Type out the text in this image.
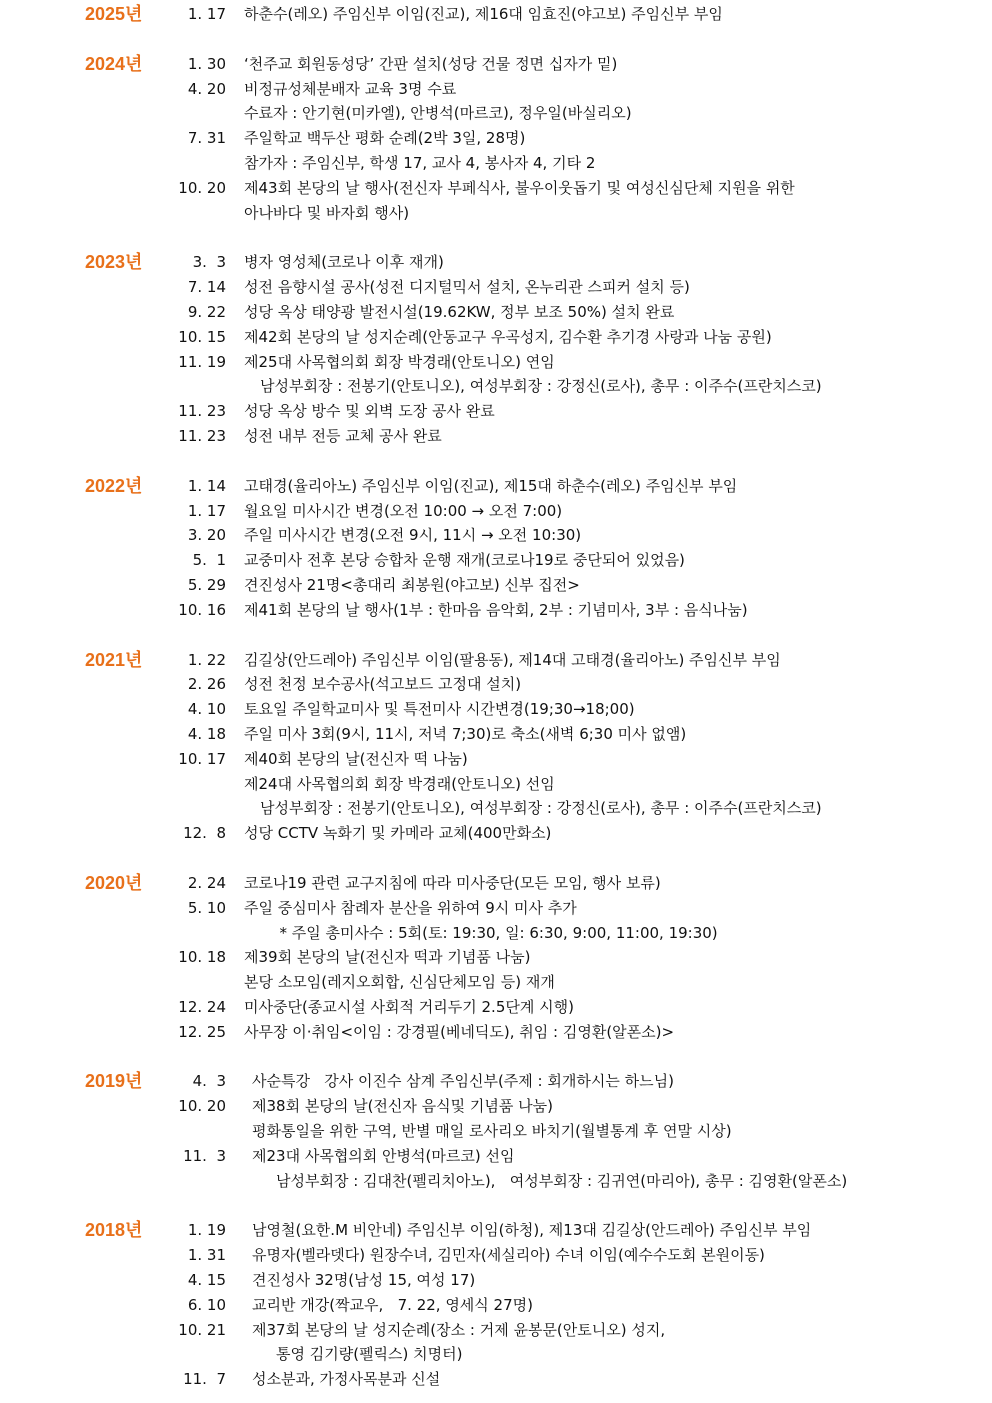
2025년	1. 17 하춘수(레오) 주임신부 이임(진교), 제16대 임효진(야고보) 주임신부 부임
2024년	1. 30 ‘천주교 회원동성당’ 간판 설치(성당 건물 정면 십자가 밑)
4. 20 비정규성체분배자 교육 3명 수료
수료자 : 안기현(미카엘), 안병석(마르코), 정우일(바실리오)
7. 31 주일학교 백두산 평화 순례(2박 3일, 28명)
참가자 : 주임신부, 학생 17, 교사 4, 봉사자 4, 기타 2
10. 20 제43회 본당의 날 행사(전신자 부페식사, 불우이웃돕기 및 여성신심단체 지원을 위한
아나바다 및 바자회 행사)
2023년	3.  3 병자 영성체(코로나 이후 재개)
7. 14 성전 음향시설 공사(성전 디지털믹서 설치, 온누리관 스피커 설치 등)
9. 22 성당 옥상 태양광 발전시설(19.62KW, 정부 보조 50%) 설치 완료
10. 15 제42회 본당의 날 성지순례(안동교구 우곡성지, 김수환 추기경 사랑과 나눔 공원)
11. 19 제25대 사목협의회 회장 박경래(안토니오) 연임
남성부회장 : 전봉기(안토니오), 여성부회장 : 강정신(로사), 총무 : 이주수(프란치스코)
11. 23 성당 옥상 방수 및 외벽 도장 공사 완료
11. 23 성전 내부 전등 교체 공사 완료
2022년	1. 14 고태경(율리아노) 주임신부 이임(진교), 제15대 하춘수(레오) 주임신부 부임
1. 17 월요일 미사시간 변경(오전 10:00 → 오전 7:00)
3. 20 주일 미사시간 변경(오전 9시, 11시 → 오전 10:30)
5.  1 교중미사 전후 본당 승합차 운행 재개(코로나19로 중단되어 있었음)
5. 29 견진성사 21명<총대리 최봉원(야고보) 신부 집전>
10. 16 제41회 본당의 날 행사(1부 : 한마음 음악회, 2부 : 기념미사, 3부 : 음식나눔)
2021년	1. 22 김길상(안드레아) 주임신부 이임(팔용동), 제14대 고태경(율리아노) 주임신부 부임
2. 26 성전 천정 보수공사(석고보드 고정대 설치)
4. 10 토요일 주일학교미사 및 특전미사 시간변경(19;30→18;00)
4. 18 주일 미사 3회(9시, 11시, 저녁 7;30)로 축소(새벽 6;30 미사 없앰)
10. 17 제40회 본당의 날(전신자 떡 나눔)
제24대 사목협의회 회장 박경래(안토니오) 선임
남성부회장 : 전봉기(안토니오), 여성부회장 : 강정신(로사), 총무 : 이주수(프란치스코)
12.  8 성당 CCTV 녹화기 및 카메라 교체(400만화소)
2020년	2. 24 코로나19 관련 교구지침에 따라 미사중단(모든 모임, 행사 보류)
5. 10 주일 중심미사 참례자 분산을 위하여 9시 미사 추가
* 주일 총미사수 : 5회(토: 19:30, 일: 6:30, 9:00, 11:00, 19:30)
10. 18 제39회 본당의 날(전신자 떡과 기념품 나눔)
본당 소모임(레지오회합, 신심단체모임 등) 재개
12. 24 미사중단(종교시설 사회적 거리두기 2.5단계 시행)
12. 25 사무장 이·취임<이임 : 강경필(베네딕도), 취임 : 김영환(알폰소)>
2019년	4.  3 사순특강   강사 이진수 삼계 주임신부(주제 : 회개하시는 하느님)
10. 20 제38회 본당의 날(전신자 음식및 기념품 나눔)
평화통일을 위한 구역, 반별 매일 로사리오 바치기(월별통계 후 연말 시상)
11.  3 제23대 사목협의회 안병석(마르코) 선임
남성부회장 : 김대찬(펠리치아노),   여성부회장 : 김귀연(마리아), 총무 : 김영환(알폰소)
2018년	1. 19 남영철(요한.M 비안네) 주임신부 이임(하청), 제13대 김길상(안드레아) 주임신부 부임
1. 31 유명자(벨라뎃다) 원장수녀, 김민자(세실리아) 수녀 이임(예수수도회 본원이동)
4. 15 견진성사 32명(남성 15, 여성 17)
6. 10 교리반 개강(짝교우,   7. 22, 영세식 27명)
10. 21 제37회 본당의 날 성지순례(장소 : 거제 윤봉문(안토니오) 성지,
통영 김기량(펠릭스) 치명터)
11.  7 성소분과, 가정사목분과 신설
